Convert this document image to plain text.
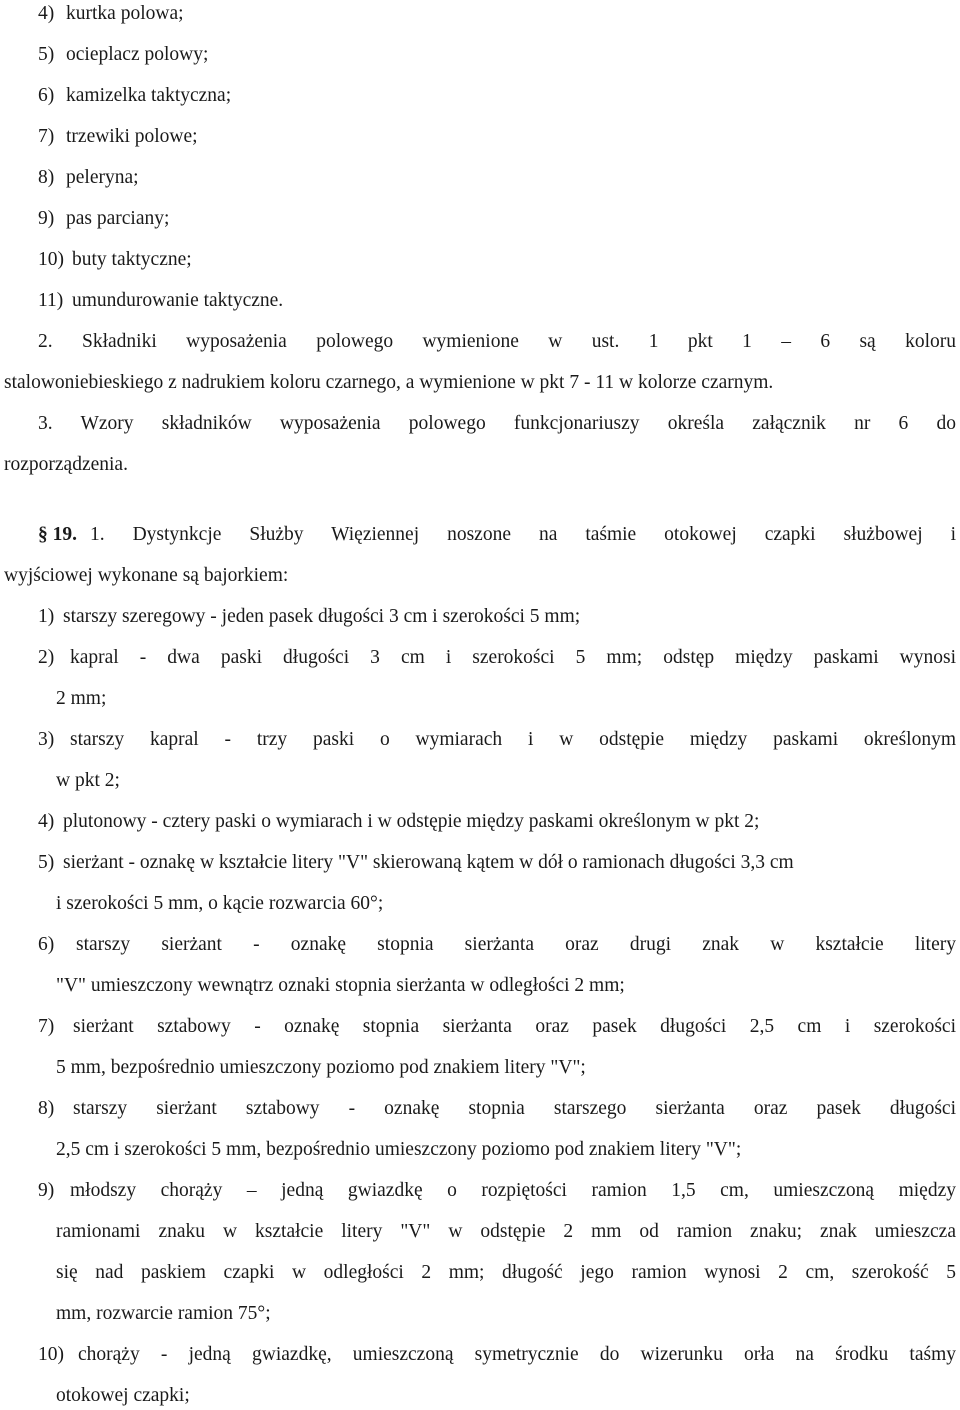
4) kurtka polowa;
5) ocieplacz polowy;
6) kamizelka taktyczna;
7) trzewiki polowe;
8) peleryna;
9) pas parciany;
10) buty taktyczne;
11) umundurowanie taktyczne.
2. Składniki wyposażenia polowego wymienione w ust. 1 pkt 1 – 6 są koloru
stalowoniebieskiego z nadrukiem koloru czarnego, a wymienione w pkt 7 - 11 w kolorze czarnym.
3. Wzory składników wyposażenia polowego funkcjonariuszy określa załącznik nr 6 do
rozporządzenia.
§ 19. 1. Dystynkcje Służby Więziennej noszone na taśmie otokowej czapki służbowej i
wyjściowej wykonane są bajorkiem:
1) starszy szeregowy - jeden pasek długości 3 cm i szerokości 5 mm;
2) kapral - dwa paski długości 3 cm i szerokości 5 mm; odstęp między paskami wynosi
2 mm;
3) starszy kapral - trzy paski o wymiarach i w odstępie między paskami określonym
w pkt 2;
4) plutonowy - cztery paski o wymiarach i w odstępie między paskami określonym w pkt 2;
5) sierżant - oznakę w kształcie litery "V" skierowaną kątem w dół o ramionach długości 3,3 cm
i szerokości 5 mm, o kącie rozwarcia 60°;
6) starszy sierżant - oznakę stopnia sierżanta oraz drugi znak w kształcie litery
"V" umieszczony wewnątrz oznaki stopnia sierżanta w odległości 2 mm;
7) sierżant sztabowy - oznakę stopnia sierżanta oraz pasek długości 2,5 cm i szerokości
5 mm, bezpośrednio umieszczony poziomo pod znakiem litery "V";
8) starszy sierżant sztabowy - oznakę stopnia starszego sierżanta oraz pasek długości
2,5 cm i szerokości 5 mm, bezpośrednio umieszczony poziomo pod znakiem litery "V";
9) młodszy chorąży – jedną gwiazdkę o rozpiętości ramion 1,5 cm, umieszczoną między
ramionami znaku w kształcie litery "V" w odstępie 2 mm od ramion znaku; znak umieszcza
się nad paskiem czapki w odległości 2 mm; długość jego ramion wynosi 2 cm, szerokość 5
mm, rozwarcie ramion 75°;
10) chorąży - jedną gwiazdkę, umieszczoną symetrycznie do wizerunku orła na środku taśmy
otokowej czapki;
